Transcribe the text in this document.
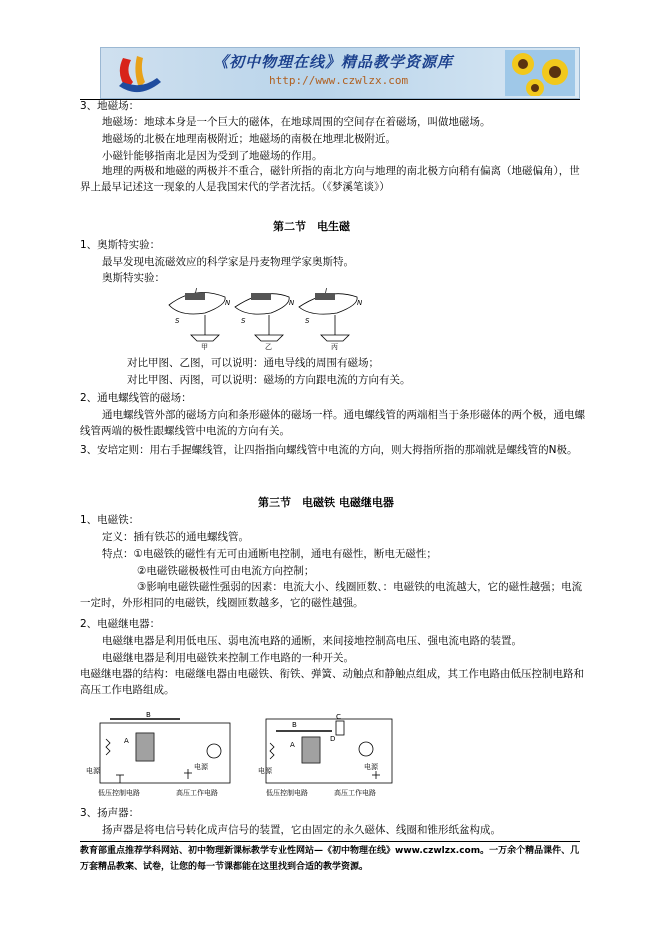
《初中物理在线》精品教学资源库
http://www.czwlzx.com
3、地磁场：
地磁场：地球本身是一个巨大的磁体，在地球周围的空间存在着磁场，叫做地磁场。
地磁场的北极在地理南极附近；地磁场的南极在地理北极附近。
小磁针能够指南北是因为受到了地磁场的作用。
地理的两极和地磁的两极并不重合，磁针所指的南北方向与地理的南北极方向稍有偏离（地磁偏角），世界上最早记述这一现象的人是我国宋代的学者沈括。（《梦溪笔谈》）
第二节　电生磁
1、奥斯特实验：
最早发现电流磁效应的科学家是丹麦物理学家奥斯特。
奥斯特实验：
N
S
I
N
S
N
S
I
甲	乙	丙
对比甲图、乙图，可以说明：通电导线的周围有磁场；
对比甲图、丙图，可以说明：磁场的方向跟电流的方向有关。
2、通电螺线管的磁场：
通电螺线管外部的磁场方向和条形磁体的磁场一样。通电螺线管的两端相当于条形磁体的两个极，通电螺线管两端的极性跟螺线管中电流的方向有关。
3、安培定则：用右手握螺线管，让四指指向螺线管中电流的方向，则大拇指所指的那端就是螺线管的N极。
第三节　电磁铁 电磁继电器
1、电磁铁：
定义：插有铁芯的通电螺线管。
特点：①电磁铁的磁性有无可由通断电控制，通电有磁性，断电无磁性；
②电磁铁磁极极性可由电流方向控制；
③影响电磁铁磁性强弱的因素：电流大小、线圈匝数、：电磁铁的电流越大，它的磁性越强；电流一定时，外形相同的电磁铁，线圈匝数越多，它的磁性越强。
2、电磁继电器：
电磁继电器是利用低电压、弱电流电路的通断，来间接地控制高电压、强电流电路的装置。
电磁继电器是利用电磁铁来控制工作电路的一种开关。
电磁继电器的结构：电磁继电器由电磁铁、衔铁、弹簧、动触点和静触点组成，其工作电路由低压控制电路和高压工作电路组成。
A
B
A
B
C
D
电源	电源	电源	电源
低压控制电路	高压工作电路	低压控制电路	高压工作电路
3、扬声器：
扬声器是将电信号转化成声信号的装置，它由固定的永久磁体、线圈和锥形纸盆构成。
教育部重点推荐学科网站、初中物理新课标教学专业性网站—《初中物理在线》www.czwlzx.com。一万余个精品课件、几万套精品教案、试卷，让您的每一节课都能在这里找到合适的教学资源。
